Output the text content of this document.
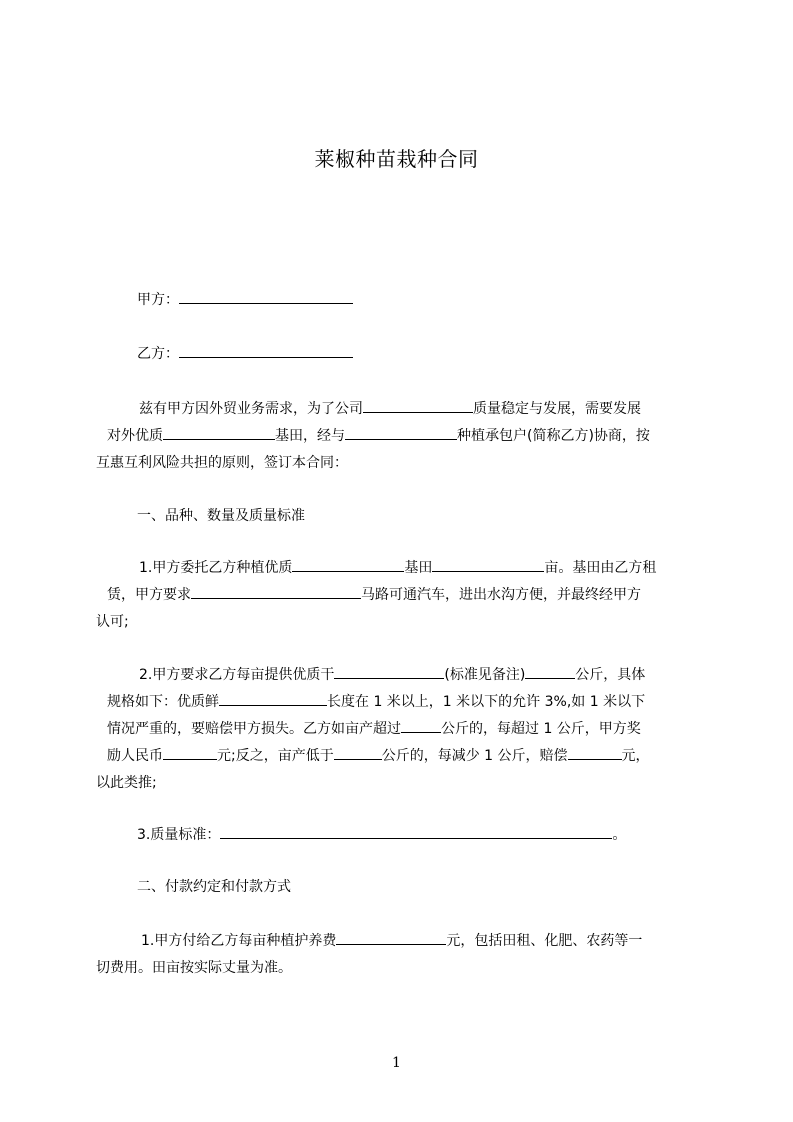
莱椒种苗栽种合同
甲方：
乙方：
兹有甲方因外贸业务需求，为了公司	质量稳定与发展，需要发展
对外优质	基田，经与	种植承包户(简称乙方)协商，按
互惠互利风险共担的原则，签订本合同：
一、品种、数量及质量标准
1.甲方委托乙方种植优质	基田	亩。基田由乙方租
赁，甲方要求	马路可通汽车，进出水沟方便，并最终经甲方
认可;
2.甲方要求乙方每亩提供优质干	(标准见备注)	公斤，具体
规格如下：优质鲜	长度在 1 米以上，1 米以下的允许 3%,如 1 米以下
情况严重的，要赔偿甲方损失。乙方如亩产超过	公斤的，每超过 1 公斤，甲方奖
励人民币	元;反之，亩产低于	公斤的，每减少 1 公斤，赔偿	元，
以此类推;
3.质量标准：	。
二、付款约定和付款方式
1.甲方付给乙方每亩种植护养费	元，包括田租、化肥、农药等一
切费用。田亩按实际丈量为准。
1
